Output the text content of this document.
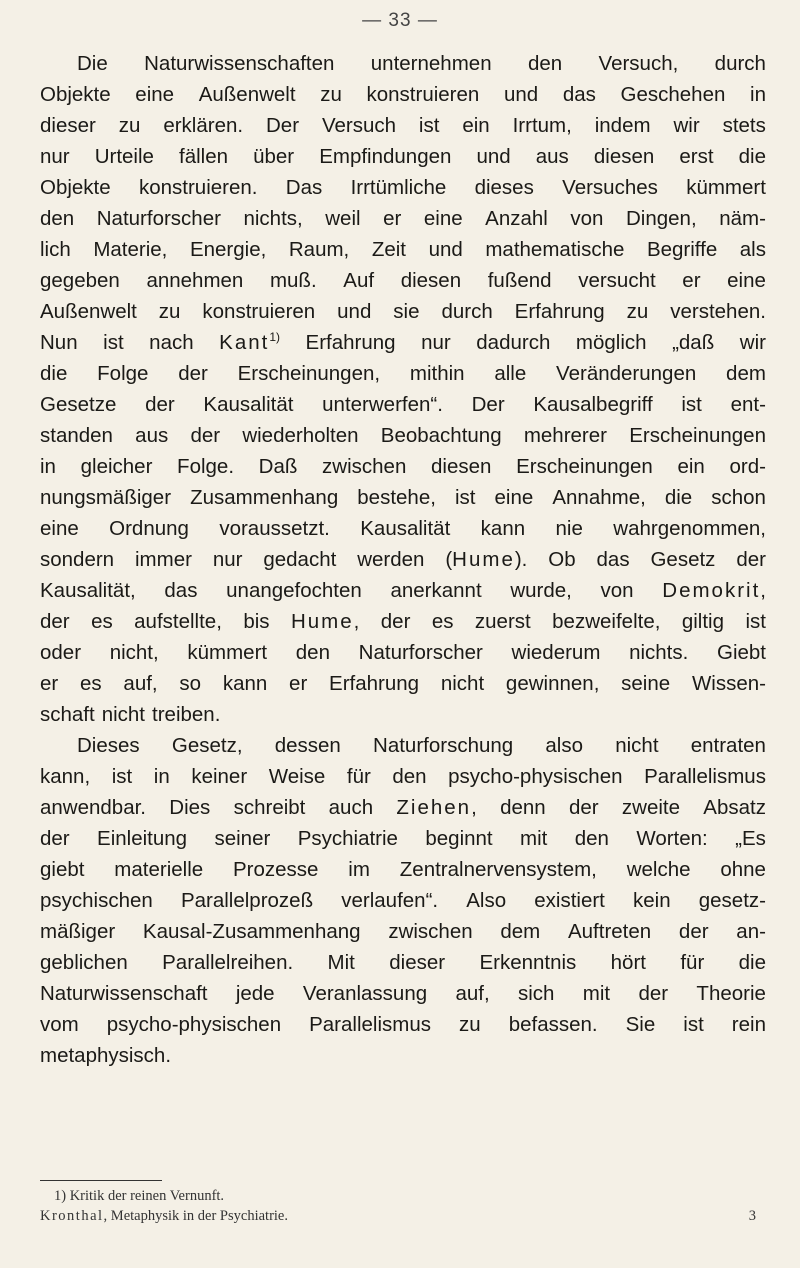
— 33 —
Die Naturwissenschaften unternehmen den Versuch, durch
Objekte eine Außenwelt zu konstruieren und das Geschehen in
dieser zu erklären. Der Versuch ist ein Irrtum, indem wir stets
nur Urteile fällen über Empfindungen und aus diesen erst die
Objekte konstruieren. Das Irrtümliche dieses Versuches kümmert
den Naturforscher nichts, weil er eine Anzahl von Dingen, näm-
lich Materie, Energie, Raum, Zeit und mathematische Begriffe als
gegeben annehmen muß. Auf diesen fußend versucht er eine
Außenwelt zu konstruieren und sie durch Erfahrung zu verstehen.
Nun ist nach Kant$^{1)}$ Erfahrung nur dadurch möglich „daß wir
die Folge der Erscheinungen, mithin alle Veränderungen dem
Gesetze der Kausalität unterwerfen“. Der Kausalbegriff ist ent-
standen aus der wiederholten Beobachtung mehrerer Erscheinungen
in gleicher Folge. Daß zwischen diesen Erscheinungen ein ord-
nungsmäßiger Zusammenhang bestehe, ist eine Annahme, die schon
eine Ordnung voraussetzt. Kausalität kann nie wahrgenommen,
sondern immer nur gedacht werden (Hume). Ob das Gesetz der
Kausalität, das unangefochten anerkannt wurde, von Demokrit,
der es aufstellte, bis Hume, der es zuerst bezweifelte, giltig ist
oder nicht, kümmert den Naturforscher wiederum nichts. Giebt
er es auf, so kann er Erfahrung nicht gewinnen, seine Wissen-
schaft nicht treiben.
Dieses Gesetz, dessen Naturforschung also nicht entraten
kann, ist in keiner Weise für den psycho-physischen Parallelismus
anwendbar. Dies schreibt auch Ziehen, denn der zweite Absatz
der Einleitung seiner Psychiatrie beginnt mit den Worten: „Es
giebt materielle Prozesse im Zentralnervensystem, welche ohne
psychischen Parallelprozeß verlaufen“. Also existiert kein gesetz-
mäßiger Kausal-Zusammenhang zwischen dem Auftreten der an-
geblichen Parallelreihen. Mit dieser Erkenntnis hört für die
Naturwissenschaft jede Veranlassung auf, sich mit der Theorie
vom psycho-physischen Parallelismus zu befassen. Sie ist rein
metaphysisch.
1) Kritik der reinen Vernunft.
Kronthal, Metaphysik in der Psychiatrie.	3
